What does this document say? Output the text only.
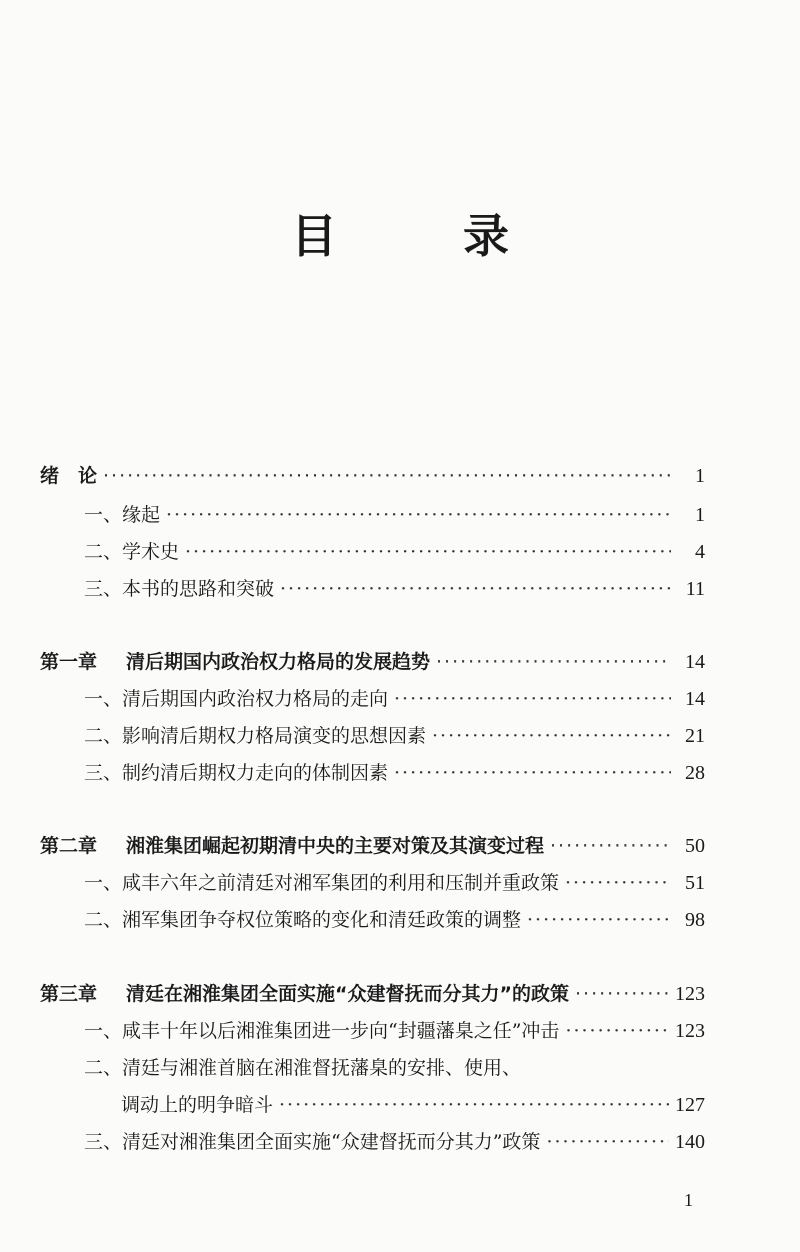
目　录
绪　论 ·····	1
一、缘起 ·····	1
二、学术史 ·····	4
三、本书的思路和突破 ·····	11
第一章	清后期国内政治权力格局的发展趋势 ·····	14
一、清后期国内政治权力格局的走向 ·····	14
二、影响清后期权力格局演变的思想因素 ·····	21
三、制约清后期权力走向的体制因素 ·····	28
第二章	湘淮集团崛起初期清中央的主要对策及其演变过程 ·····	50
一、咸丰六年之前清廷对湘军集团的利用和压制并重政策 ·····	51
二、湘军集团争夺权位策略的变化和清廷政策的调整 ·····	98
第三章	清廷在湘淮集团全面实施“众建督抚而分其力”的政策 ·····	123
一、咸丰十年以后湘淮集团进一步向“封疆藩臬之任”冲击 ·····	123
二、清廷与湘淮首脑在湘淮督抚藩臬的安排、使用、
调动上的明争暗斗 ·····	127
三、清廷对湘淮集团全面实施“众建督抚而分其力”政策 ·····	140
1
